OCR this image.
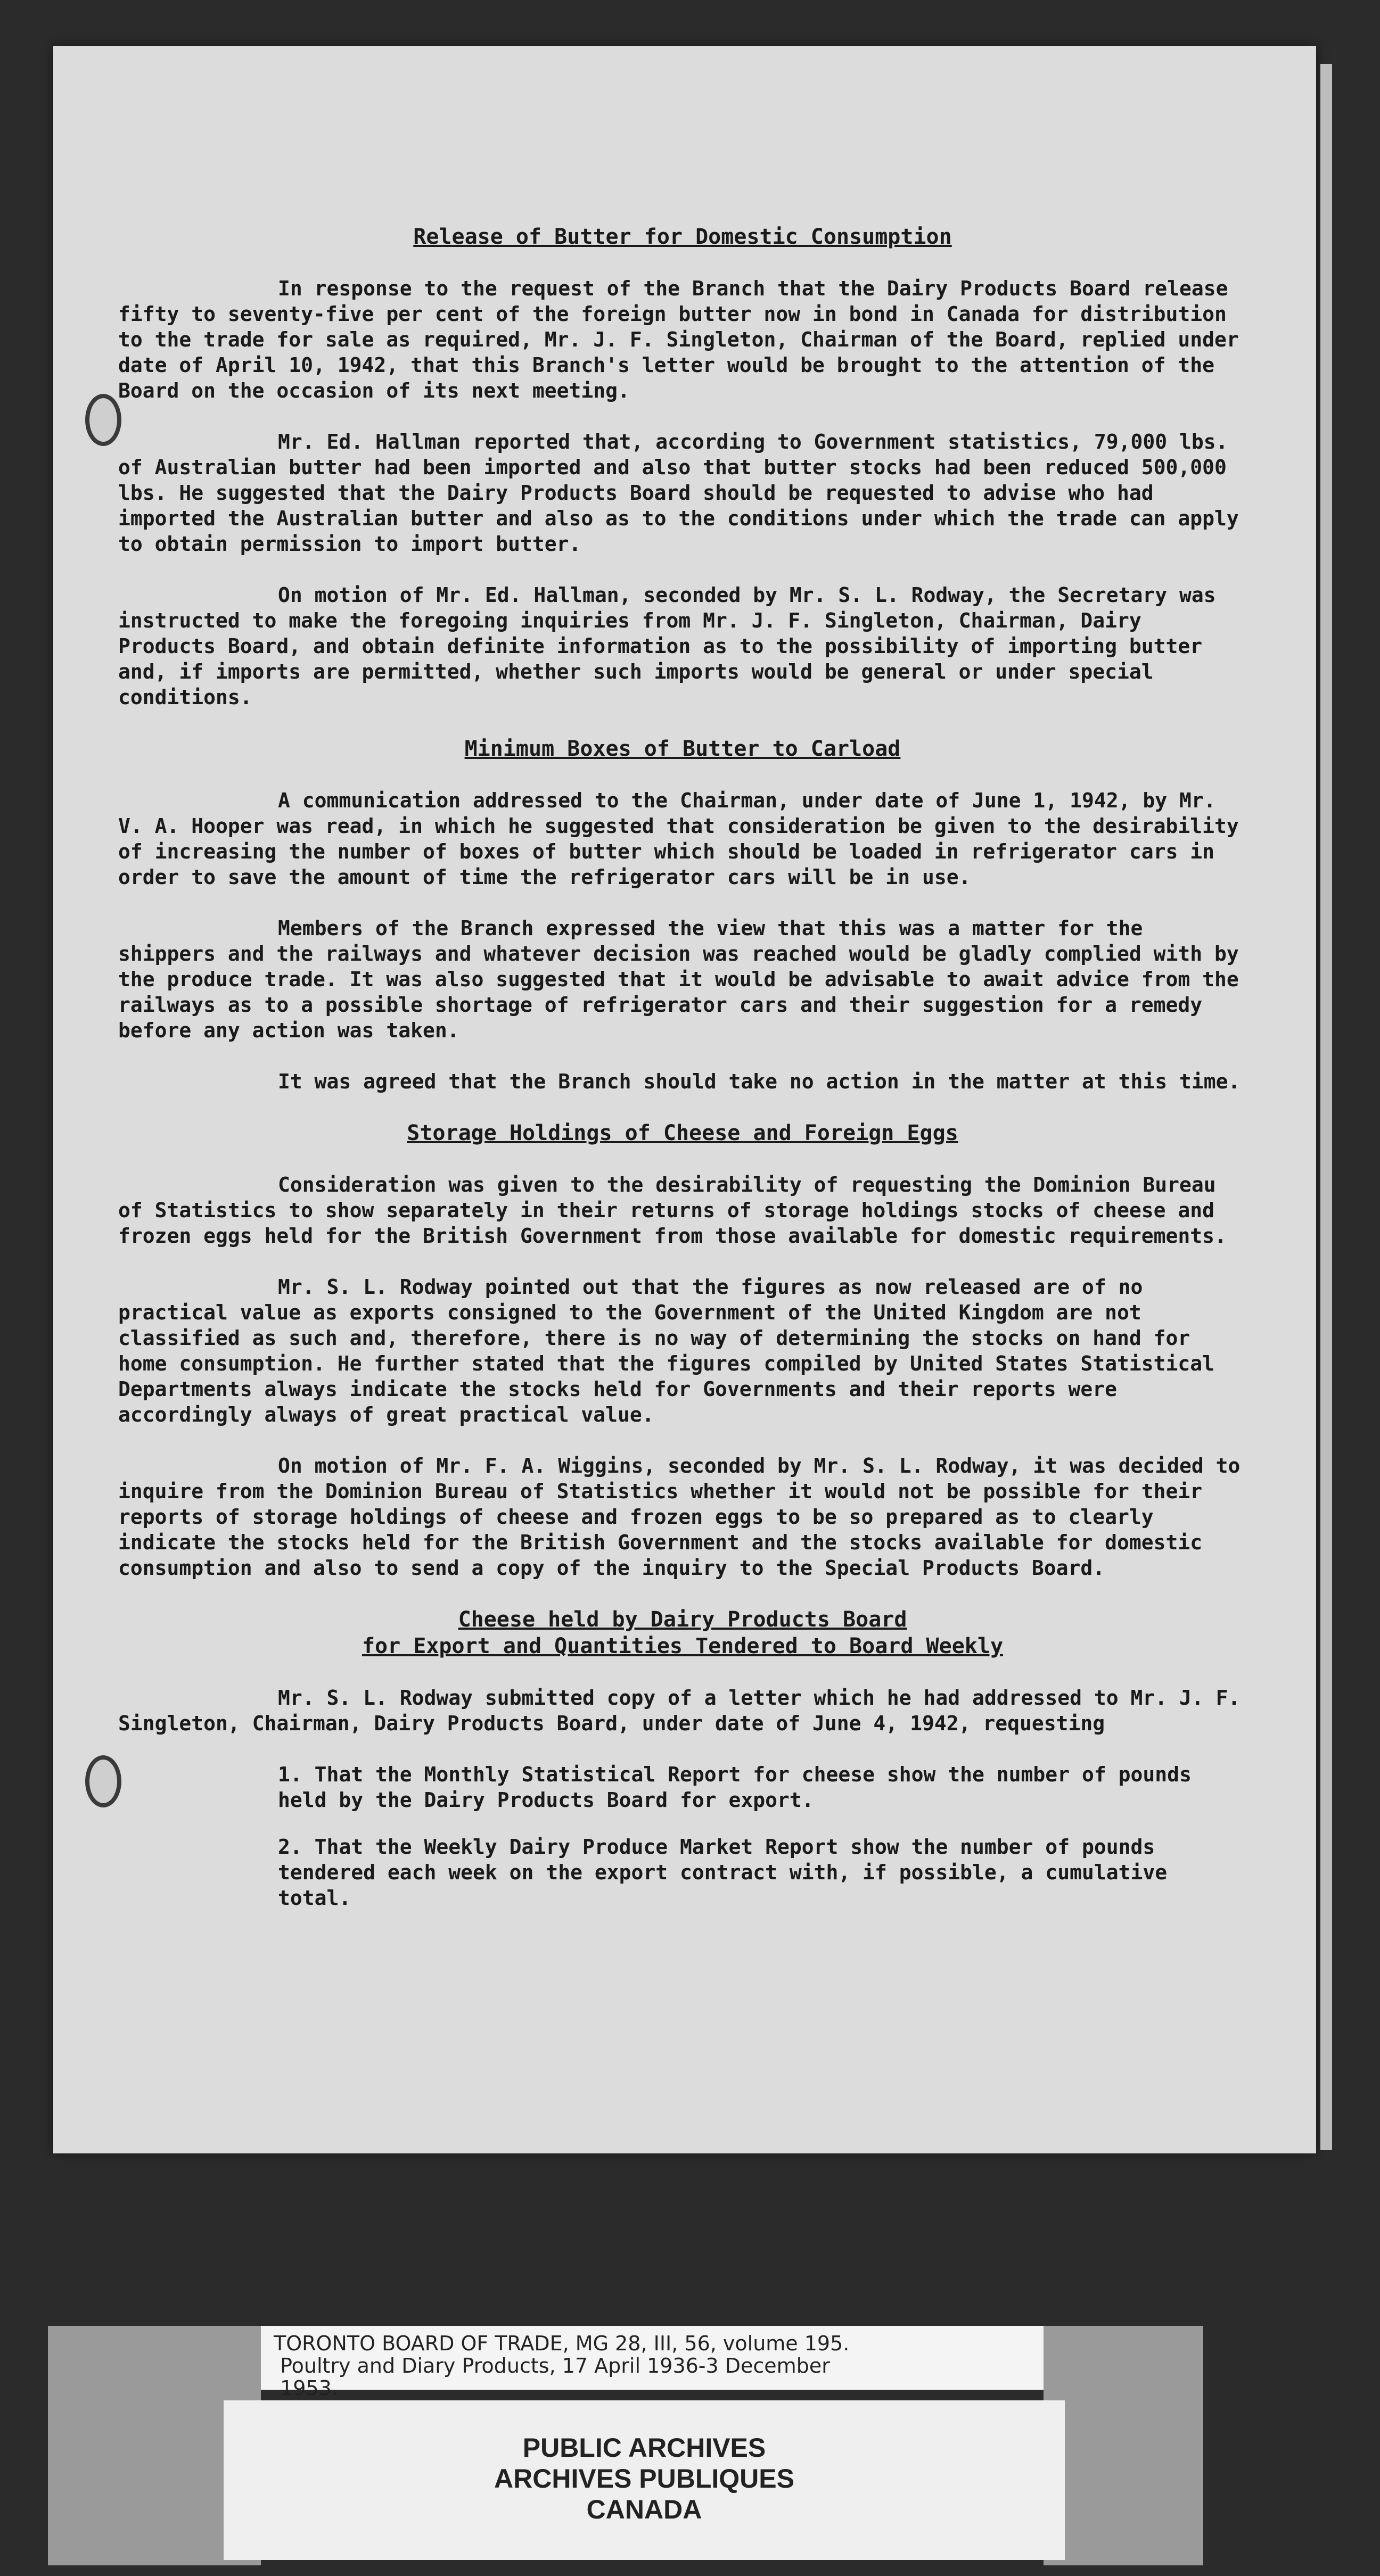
Release of Butter for Domestic Consumption

In response to the request of the Branch that the Dairy Products Board release fifty to seventy-five per cent of the foreign butter now in bond in Canada for distribution to the trade for sale as required, Mr. J. F. Singleton, Chairman of the Board, replied under date of April 10, 1942, that this Branch's letter would be brought to the attention of the Board on the occasion of its next meeting.

Mr. Ed. Hallman reported that, according to Government statistics, 79,000 lbs. of Australian butter had been imported and also that butter stocks had been reduced 500,000 lbs. He suggested that the Dairy Products Board should be requested to advise who had imported the Australian butter and also as to the conditions under which the trade can apply to obtain permission to import butter.

On motion of Mr. Ed. Hallman, seconded by Mr. S. L. Rodway, the Secretary was instructed to make the foregoing inquiries from Mr. J. F. Singleton, Chairman, Dairy Products Board, and obtain definite information as to the possibility of importing butter and, if imports are permitted, whether such imports would be general or under special conditions.

Minimum Boxes of Butter to Carload

A communication addressed to the Chairman, under date of June 1, 1942, by Mr. V. A. Hooper was read, in which he suggested that consideration be given to the desirability of increasing the number of boxes of butter which should be loaded in refrigerator cars in order to save the amount of time the refrigerator cars will be in use.

Members of the Branch expressed the view that this was a matter for the shippers and the railways and whatever decision was reached would be gladly complied with by the produce trade. It was also suggested that it would be advisable to await advice from the railways as to a possible shortage of refrigerator cars and their suggestion for a remedy before any action was taken.

It was agreed that the Branch should take no action in the matter at this time.

Storage Holdings of Cheese and Foreign Eggs

Consideration was given to the desirability of requesting the Dominion Bureau of Statistics to show separately in their returns of storage holdings stocks of cheese and frozen eggs held for the British Government from those available for domestic requirements.

Mr. S. L. Rodway pointed out that the figures as now released are of no practical value as exports consigned to the Government of the United Kingdom are not classified as such and, therefore, there is no way of determining the stocks on hand for home consumption. He further stated that the figures compiled by United States Statistical Departments always indicate the stocks held for Governments and their reports were accordingly always of great practical value.

On motion of Mr. F. A. Wiggins, seconded by Mr. S. L. Rodway, it was decided to inquire from the Dominion Bureau of Statistics whether it would not be possible for their reports of storage holdings of cheese and frozen eggs to be so prepared as to clearly indicate the stocks held for the British Government and the stocks available for domestic consumption and also to send a copy of the inquiry to the Special Products Board.

Cheese held by Dairy Products Board
for Export and Quantities Tendered to Board Weekly

Mr. S. L. Rodway submitted copy of a letter which he had addressed to Mr. J. F. Singleton, Chairman, Dairy Products Board, under date of June 4, 1942, requesting

1. That the Monthly Statistical Report for cheese show the number of pounds held by the Dairy Products Board for export.
2. That the Weekly Dairy Produce Market Report show the number of pounds tendered each week on the export contract with, if possible, a cumulative total.
TORONTO BOARD OF TRADE, MG 28, III, 56, volume 195.
Poultry and Diary Products, 17 April 1936-3 December
1953.
PUBLIC ARCHIVES
ARCHIVES PUBLIQUES
CANADA
